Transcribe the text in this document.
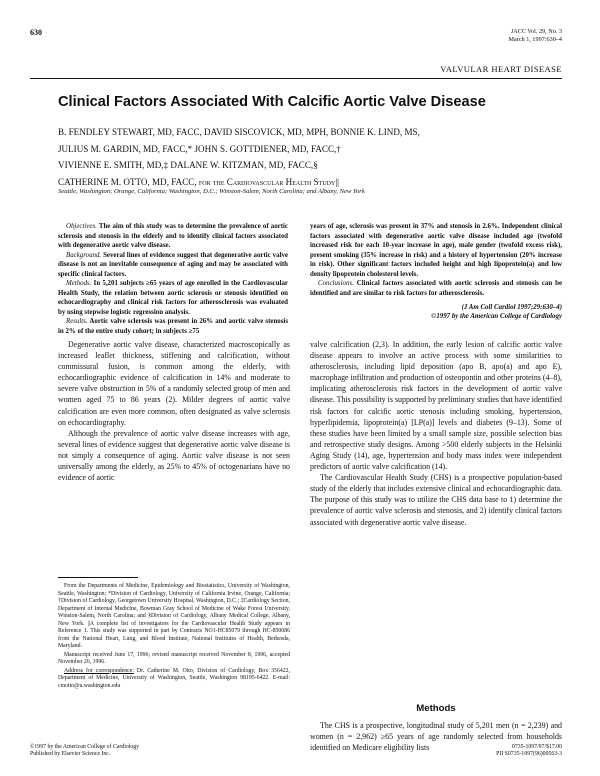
630	JACC Vol. 29, No. 3
March 1, 1997:630–4
VALVULAR HEART DISEASE
Clinical Factors Associated With Calcific Aortic Valve Disease
B. FENDLEY STEWART, MD, FACC, DAVID SISCOVICK, MD, MPH, BONNIE K. LIND, MS,
JULIUS M. GARDIN, MD, FACC,* JOHN S. GOTTDIENER, MD, FACC,†
VIVIENNE E. SMITH, MD,‡ DALANE W. KITZMAN, MD, FACC,§
CATHERINE M. OTTO, MD, FACC, for the Cardiovascular Health Study||
Seattle, Washington; Orange, California; Washington, D.C.; Winston-Salem, North Carolina; and Albany, New York

Objectives. The aim of this study was to determine the prevalence of aortic sclerosis and stenosis in the elderly and to identify clinical factors associated with degenerative aortic valve disease.

Background. Several lines of evidence suggest that degenerative aortic valve disease is not an inevitable consequence of aging and may be associated with specific clinical factors.

Methods. In 5,201 subjects ≥65 years of age enrolled in the Cardiovascular Health Study, the relation between aortic sclerosis or stenosis identified on echocardiography and clinical risk factors for atherosclerosis was evaluated by using stepwise logistic regression analysis.

Results. Aortic valve sclerosis was present in 26% and aortic valve stenosis in 2% of the entire study cohort; in subjects ≥75

years of age, sclerosis was present in 37% and stenosis in 2.6%. Independent clinical factors associated with degenerative aortic valve disease included age (twofold increased risk for each 10-year increase in age), male gender (twofold excess risk), present smoking (35% increase in risk) and a history of hypertension (20% increase in risk). Other significant factors included height and high lipoprotein(a) and low density lipoprotein cholesterol levels.

Conclusions. Clinical factors associated with aortic sclerosis and stenosis can be identified and are similar to risk factors for atherosclerosis.

(J Am Coll Cardiol 1997;29:630–4)
©1997 by the American College of Cardiology

Degenerative aortic valve disease, characterized macroscopically as increased leaflet thickness, stiffening and calcification, without commissural fusion, is common among the elderly, with echocardiographic evidence of calcification in 14% and moderate to severe valve obstruction in 5% of a randomly selected group of men and women aged 75 to 86 years (2). Milder degrees of aortic valve calcification are even more common, often designated as valve sclerosis on echocardiography.

Although the prevalence of aortic valve disease increases with age, several lines of evidence suggest that degenerative aortic valve disease is not simply a consequence of aging. Aortic valve disease is not seen universally among the elderly, as 25% to 45% of octogenarians have no evidence of aortic

valve calcification (2,3). In addition, the early lesion of calcific aortic valve disease appears to involve an active process with some similarities to atherosclerosis, including lipid deposition (apo B, apo(a) and apo E), macrophage infiltration and production of osteopontin and other proteins (4–8), implicating atherosclerosis risk factors in the development of aortic valve disease. This possibility is supported by preliminary studies that have identified risk factors for calcific aortic stenosis including smoking, hypertension, hyperlipidemia, lipoprotein(a) [LP(a)] levels and diabetes (9–13). Some of these studies have been limited by a small sample size, possible selection bias and retrospective study designs. Among >500 elderly subjects in the Helsinki Aging Study (14), age, hypertension and body mass index were independent predictors of aortic valve calcification (14).

The Cardiovascular Health Study (CHS) is a prospective population-based study of the elderly that includes extensive clinical and echocardiographic data. The purpose of this study was to utilize the CHS data base to 1) determine the prevalence of aortic valve sclerosis and stenosis, and 2) identify clinical factors associated with degenerative aortic valve disease.

From the Departments of Medicine, Epidemiology and Biostatistics, University of Washington, Seattle, Washington; *Division of Cardiology, University of California Irvine, Orange, California; †Division of Cardiology, Georgetown University Hospital, Washington, D.C.; ‡Cardiology Section, Department of Internal Medicine, Bowman Gray School of Medicine of Wake Forest University, Winston-Salem, North Carolina; and §Division of Cardiology, Albany Medical College, Albany, New York. ||A complete list of investigators for the Cardiovascular Health Study appears in Reference 1. This study was supported in part by Contracts NO1-HC85079 through HC-850086 from the National Heart, Lung, and Blood Institute, National Institutes of Health, Bethesda, Maryland.

Manuscript received June 17, 1996; revised manuscript received November 8, 1996, accepted November 26, 1996.

Address for correspondence: Dr. Catherine M. Otto, Division of Cardiology, Box 356422, Department of Medicine, University of Washington, Seattle, Washington 98195-6422. E-mail: cmotto@u.washington.edu

Methods

The CHS is a prospective, longitudinal study of 5,201 men (n = 2,239) and women (n = 2,962) ≥65 years of age randomly selected from households identified on Medicare eligibility lists

©1997 by the American College of Cardiology
Published by Elsevier Science Inc.
0735-1097/97/$17.00
PII S0735-1097(96)00563-3
